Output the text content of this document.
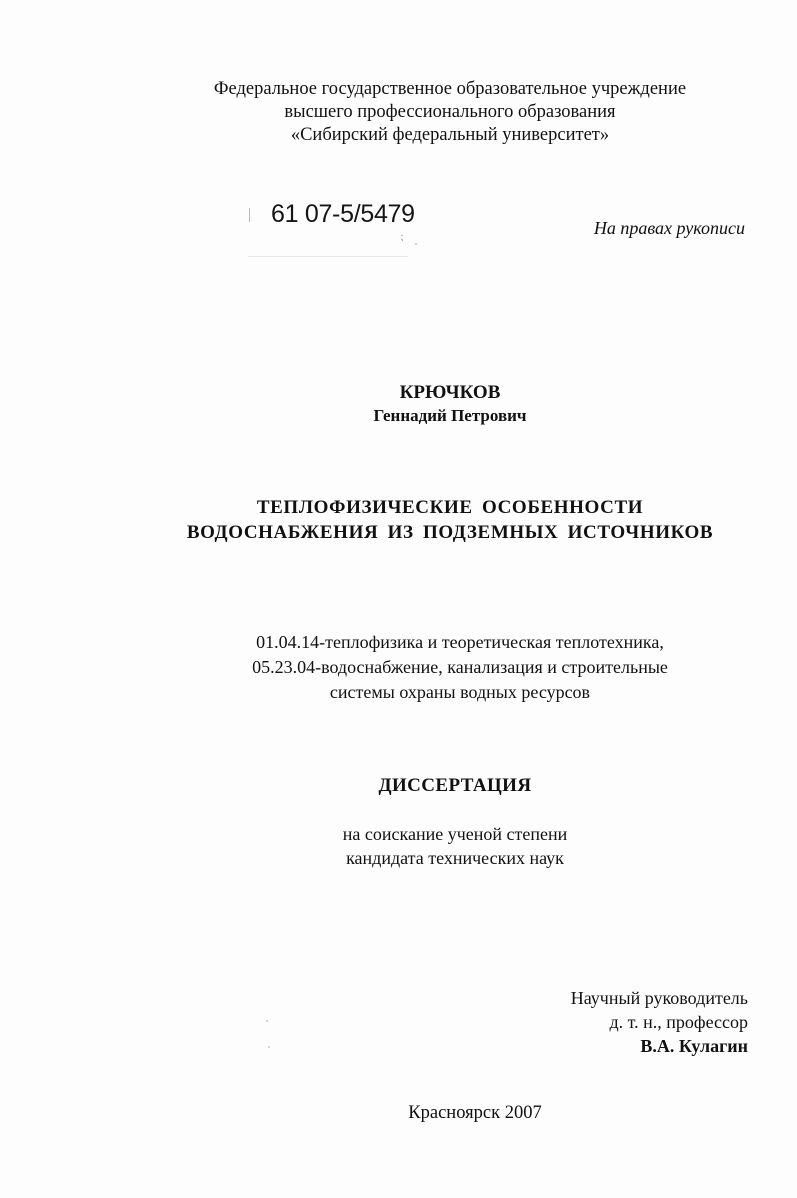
Федеральное государственное образовательное учреждение
высшего профессионального образования
«Сибирский федеральный университет»
61 07-5/5479
⁏	На правах рукописи
КРЮЧКОВ
Геннадий Петрович
ТЕПЛОФИЗИЧЕСКИЕ ОСОБЕННОСТИ
ВОДОСНАБЖЕНИЯ ИЗ ПОДЗЕМНЫХ ИСТОЧНИКОВ
01.04.14-теплофизика и теоретическая теплотехника,
05.23.04-водоснабжение, канализация и строительные
системы охраны водных ресурсов
ДИССЕРТАЦИЯ
на соискание ученой степени
кандидата технических наук
Научный руководитель
д. т. н., профессор
В.А. Кулагин
Красноярск 2007
